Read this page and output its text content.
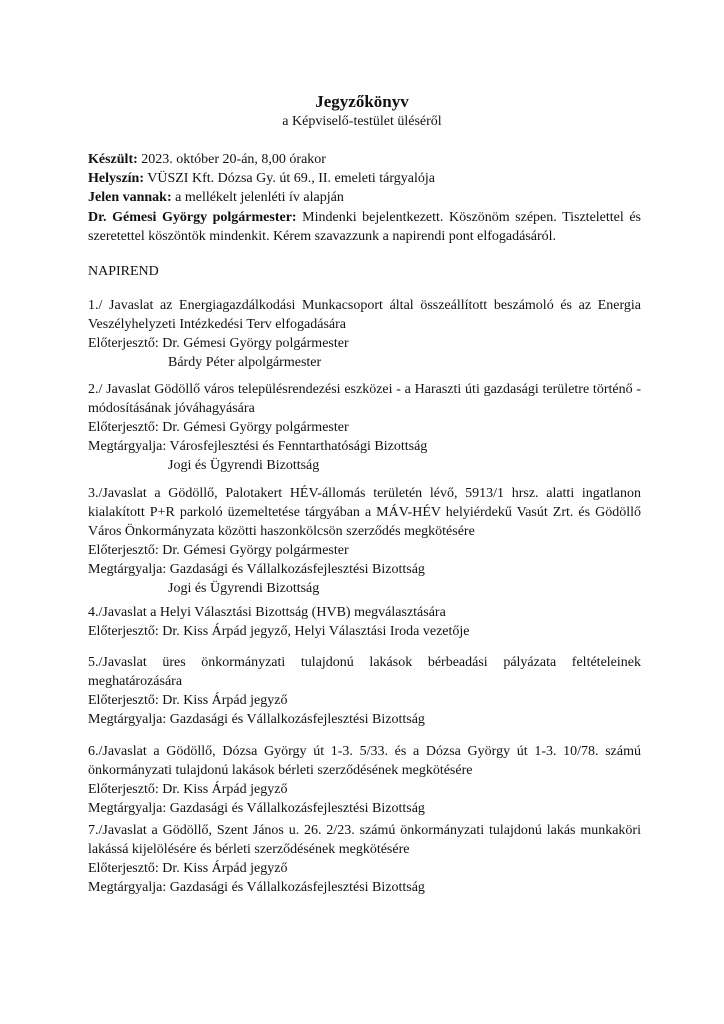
Jegyzőkönyv
a Képviselő-testület üléséről
Készült: 2023. október 20-án, 8,00 órakor
Helyszín: VÜSZI Kft. Dózsa Gy. út 69., II. emeleti tárgyalója
Jelen vannak: a mellékelt jelenléti ív alapján
Dr. Gémesi György polgármester: Mindenki bejelentkezett. Köszönöm szépen. Tisztelettel és szeretettel köszöntök mindenkit. Kérem szavazzunk a napirendi pont elfogadásáról.
NAPIREND
1./ Javaslat az Energiagazdálkodási Munkacsoport által összeállított beszámoló és az Energia Veszélyhelyzeti Intézkedési Terv elfogadására
Előterjesztő: Dr. Gémesi György polgármester
Bárdy Péter alpolgármester
2./ Javaslat Gödöllő város településrendezési eszközei - a Haraszti úti gazdasági területre történő - módosításának jóváhagyására
Előterjesztő: Dr. Gémesi György polgármester
Megtárgyalja: Városfejlesztési és Fenntarthatósági Bizottság
Jogi és Ügyrendi Bizottság
3./Javaslat a Gödöllő, Palotakert HÉV-állomás területén lévő, 5913/1 hrsz. alatti ingatlanon kialakított P+R parkoló üzemeltetése tárgyában a MÁV-HÉV helyiérdekű Vasút Zrt. és Gödöllő Város Önkormányzata közötti haszonkölcsön szerződés megkötésére
Előterjesztő: Dr. Gémesi György polgármester
Megtárgyalja: Gazdasági és Vállalkozásfejlesztési Bizottság
Jogi és Ügyrendi Bizottság
4./Javaslat a Helyi Választási Bizottság (HVB) megválasztására
Előterjesztő: Dr. Kiss Árpád jegyző, Helyi Választási Iroda vezetője
5./Javaslat üres önkormányzati tulajdonú lakások bérbeadási pályázata feltételeinek meghatározására
Előterjesztő: Dr. Kiss Árpád jegyző
Megtárgyalja: Gazdasági és Vállalkozásfejlesztési Bizottság
6./Javaslat a Gödöllő, Dózsa György út 1-3. 5/33. és a Dózsa György út 1-3. 10/78. számú önkormányzati tulajdonú lakások bérleti szerződésének megkötésére
Előterjesztő: Dr. Kiss Árpád jegyző
Megtárgyalja: Gazdasági és Vállalkozásfejlesztési Bizottság
7./Javaslat a Gödöllő, Szent János u. 26. 2/23. számú önkormányzati tulajdonú lakás munkaköri lakássá kijelölésére és bérleti szerződésének megkötésére
Előterjesztő: Dr. Kiss Árpád jegyző
Megtárgyalja: Gazdasági és Vállalkozásfejlesztési Bizottság
